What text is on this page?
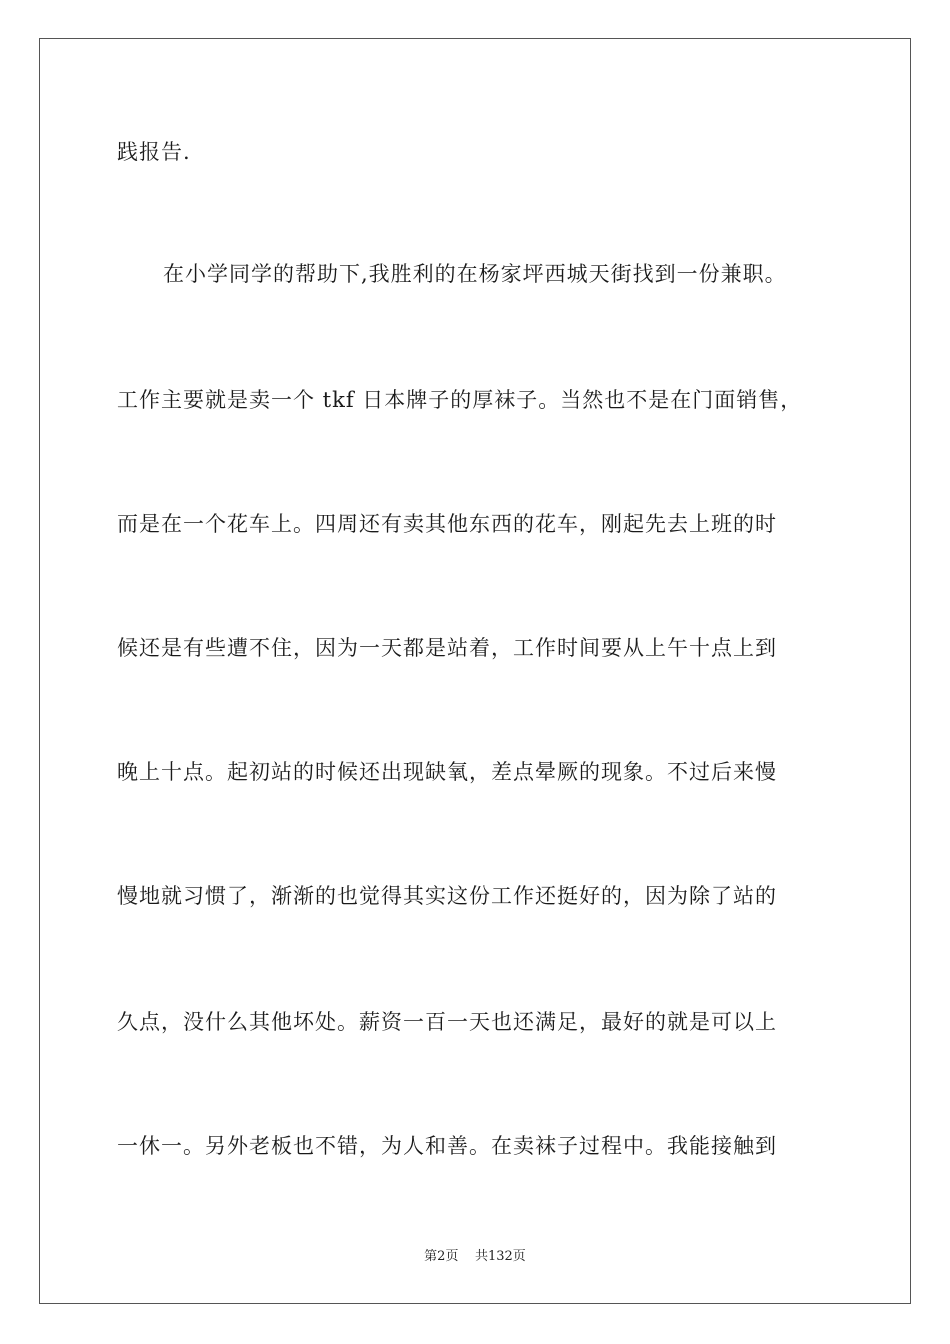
践报告.

在小学同学的帮助下,我胜利的在杨家坪西城天街找到一份兼职。

工作主要就是卖一个 tkf 日本牌子的厚袜子。当然也不是在门面销售，

而是在一个花车上。四周还有卖其他东西的花车，刚起先去上班的时

候还是有些遭不住，因为一天都是站着，工作时间要从上午十点上到

晚上十点。起初站的时候还出现缺氧，差点晕厥的现象。不过后来慢

慢地就习惯了，渐渐的也觉得其实这份工作还挺好的，因为除了站的

久点，没什么其他坏处。薪资一百一天也还满足，最好的就是可以上

一休一。另外老板也不错，为人和善。在卖袜子过程中。我能接触到

第2页 共132页
